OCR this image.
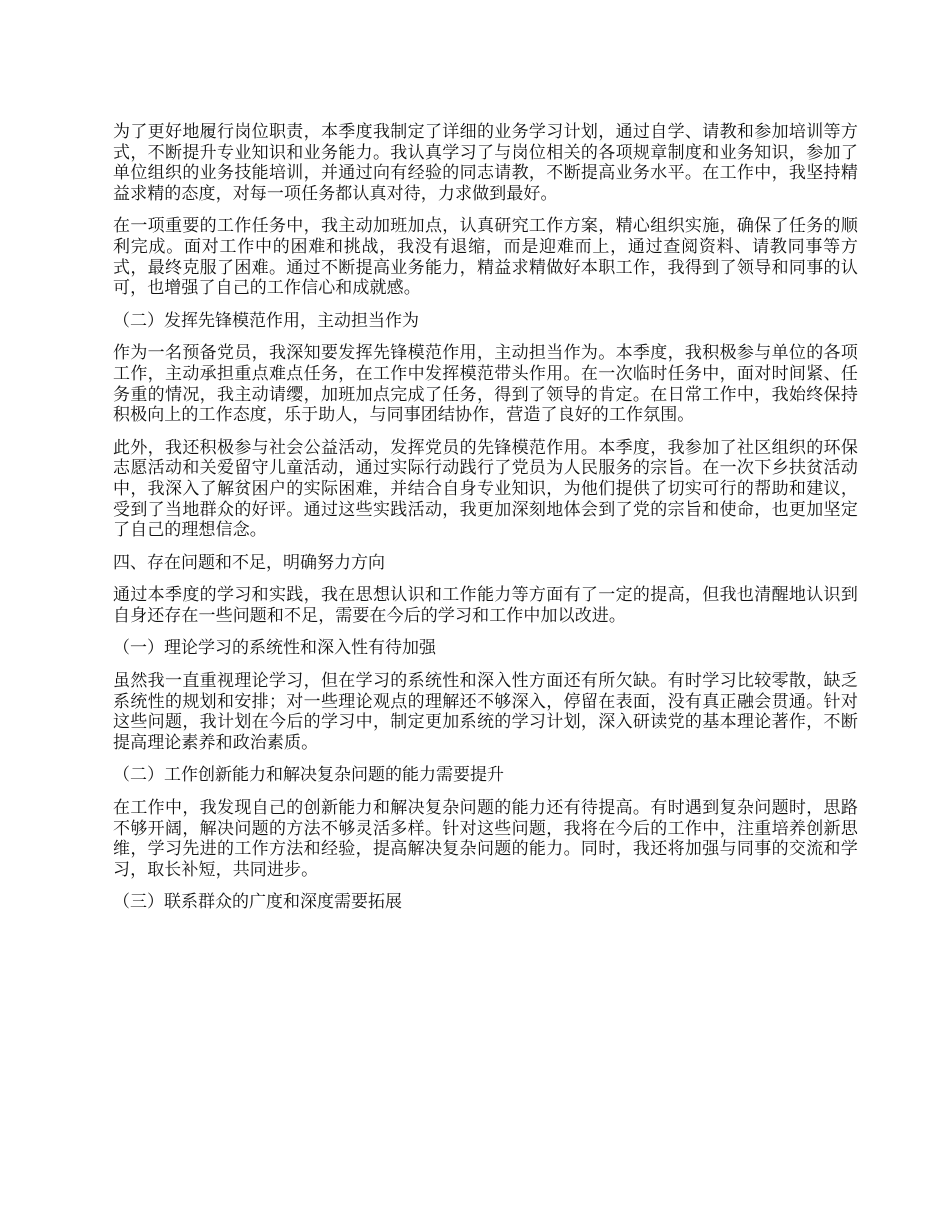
为了更好地履行岗位职责，本季度我制定了详细的业务学习计划，通过自学、请教和参加培训等方式，不断提升专业知识和业务能力。我认真学习了与岗位相关的各项规章制度和业务知识，参加了单位组织的业务技能培训，并通过向有经验的同志请教，不断提高业务水平。在工作中，我坚持精益求精的态度，对每一项任务都认真对待，力求做到最好。

在一项重要的工作任务中，我主动加班加点，认真研究工作方案，精心组织实施，确保了任务的顺利完成。面对工作中的困难和挑战，我没有退缩，而是迎难而上，通过查阅资料、请教同事等方式，最终克服了困难。通过不断提高业务能力，精益求精做好本职工作，我得到了领导和同事的认可，也增强了自己的工作信心和成就感。

（二）发挥先锋模范作用，主动担当作为

作为一名预备党员，我深知要发挥先锋模范作用，主动担当作为。本季度，我积极参与单位的各项工作，主动承担重点难点任务，在工作中发挥模范带头作用。在一次临时任务中，面对时间紧、任务重的情况，我主动请缨，加班加点完成了任务，得到了领导的肯定。在日常工作中，我始终保持积极向上的工作态度，乐于助人，与同事团结协作，营造了良好的工作氛围。

此外，我还积极参与社会公益活动，发挥党员的先锋模范作用。本季度，我参加了社区组织的环保志愿活动和关爱留守儿童活动，通过实际行动践行了党员为人民服务的宗旨。在一次下乡扶贫活动中，我深入了解贫困户的实际困难，并结合自身专业知识，为他们提供了切实可行的帮助和建议，受到了当地群众的好评。通过这些实践活动，我更加深刻地体会到了党的宗旨和使命，也更加坚定了自己的理想信念。

四、存在问题和不足，明确努力方向

通过本季度的学习和实践，我在思想认识和工作能力等方面有了一定的提高，但我也清醒地认识到自身还存在一些问题和不足，需要在今后的学习和工作中加以改进。

（一）理论学习的系统性和深入性有待加强

虽然我一直重视理论学习，但在学习的系统性和深入性方面还有所欠缺。有时学习比较零散，缺乏系统性的规划和安排；对一些理论观点的理解还不够深入，停留在表面，没有真正融会贯通。针对这些问题，我计划在今后的学习中，制定更加系统的学习计划，深入研读党的基本理论著作，不断提高理论素养和政治素质。

（二）工作创新能力和解决复杂问题的能力需要提升

在工作中，我发现自己的创新能力和解决复杂问题的能力还有待提高。有时遇到复杂问题时，思路不够开阔，解决问题的方法不够灵活多样。针对这些问题，我将在今后的工作中，注重培养创新思维，学习先进的工作方法和经验，提高解决复杂问题的能力。同时，我还将加强与同事的交流和学习，取长补短，共同进步。

（三）联系群众的广度和深度需要拓展
